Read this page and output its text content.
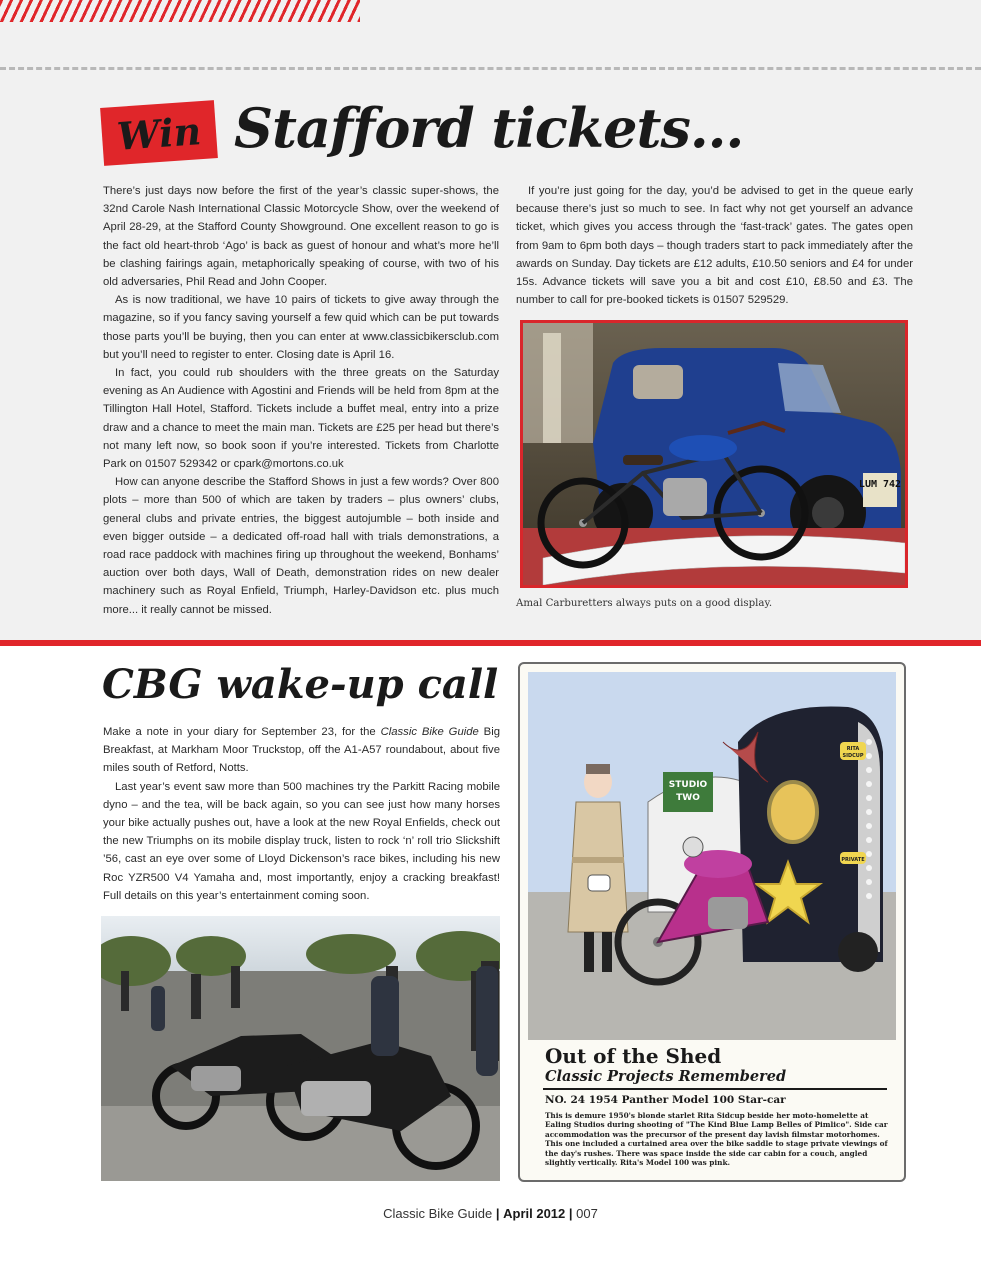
Win Stafford tickets...

There’s just days now before the first of the year’s classic super-shows, the 32nd Carole Nash International Classic Motorcycle Show, over the weekend of April 28-29, at the Stafford County Showground. One excellent reason to go is the fact old heart-throb ‘Ago’ is back as guest of honour and what’s more he’ll be clashing fairings again, metaphorically speaking of course, with two of his old adversaries, Phil Read and John Cooper.

As is now traditional, we have 10 pairs of tickets to give away through the magazine, so if you fancy saving yourself a few quid which can be put towards those parts you’ll be buying, then you can enter at www.classicbikersclub.com but you’ll need to register to enter. Closing date is April 16.

In fact, you could rub shoulders with the three greats on the Saturday evening as An Audience with Agostini and Friends will be held from 8pm at the Tillington Hall Hotel, Stafford. Tickets include a buffet meal, entry into a prize draw and a chance to meet the main man. Tickets are £25 per head but there’s not many left now, so book soon if you’re interested. Tickets from Charlotte Park on 01507 529342 or cpark@mortons.co.uk

How can anyone describe the Stafford Shows in just a few words? Over 800 plots – more than 500 of which are taken by traders – plus owners’ clubs, general clubs and private entries, the biggest autojumble – both inside and even bigger outside – a dedicated off-road hall with trials demonstrations, a road race paddock with machines firing up throughout the weekend, Bonhams’ auction over both days, Wall of Death, demonstration rides on new dealer machinery such as Royal Enfield, Triumph, Harley-Davidson etc. plus much more... it really cannot be missed.

If you’re just going for the day, you’d be advised to get in the queue early because there’s just so much to see. In fact why not get yourself an advance ticket, which gives you access through the ‘fast-track’ gates. The gates open from 9am to 6pm both days – though traders start to pack immediately after the awards on Sunday. Day tickets are £12 adults, £10.50 seniors and £4 for under 15s. Advance tickets will save you a bit and cost £10, £8.50 and £3. The number to call for pre-booked tickets is 01507 529529.

LUM 742
Amal Carburetters always puts on a good display.
CBG wake-up call

Make a note in your diary for September 23, for the Classic Bike Guide Big Breakfast, at Markham Moor Truckstop, off the A1-A57 roundabout, about five miles south of Retford, Notts.

Last year’s event saw more than 500 machines try the Parkitt Racing mobile dyno – and the tea, will be back again, so you can see just how many horses your bike actually pushes out, have a look at the new Royal Enfields, check out the new Triumphs on its mobile display truck, listen to rock ‘n’ roll trio Slickshift ’56, cast an eye over some of Lloyd Dickenson’s race bikes, including his new Roc YZR500 V4 Yamaha and, most importantly, enjoy a cracking breakfast! Full details on this year’s entertainment coming soon.

STUDIO
TWO
RITA
SIDCUP
PRIVATE
Out of the Shed
Classic Projects Remembered
NO. 24 1954 Panther Model 100 Star-car
This is demure 1950's blonde starlet Rita Sidcup beside her moto-homelette at Ealing Studios during shooting of "The Kind Blue Lamp Belles of Pimlico". Side car accommodation was the precursor of the present day lavish filmstar motorhomes. This one included a curtained area over the bike saddle to stage private viewings of the day's rushes. There was space inside the side car cabin for a couch, angled slightly vertically. Rita's Model 100 was pink.
Classic Bike Guide | April 2012 | 007
